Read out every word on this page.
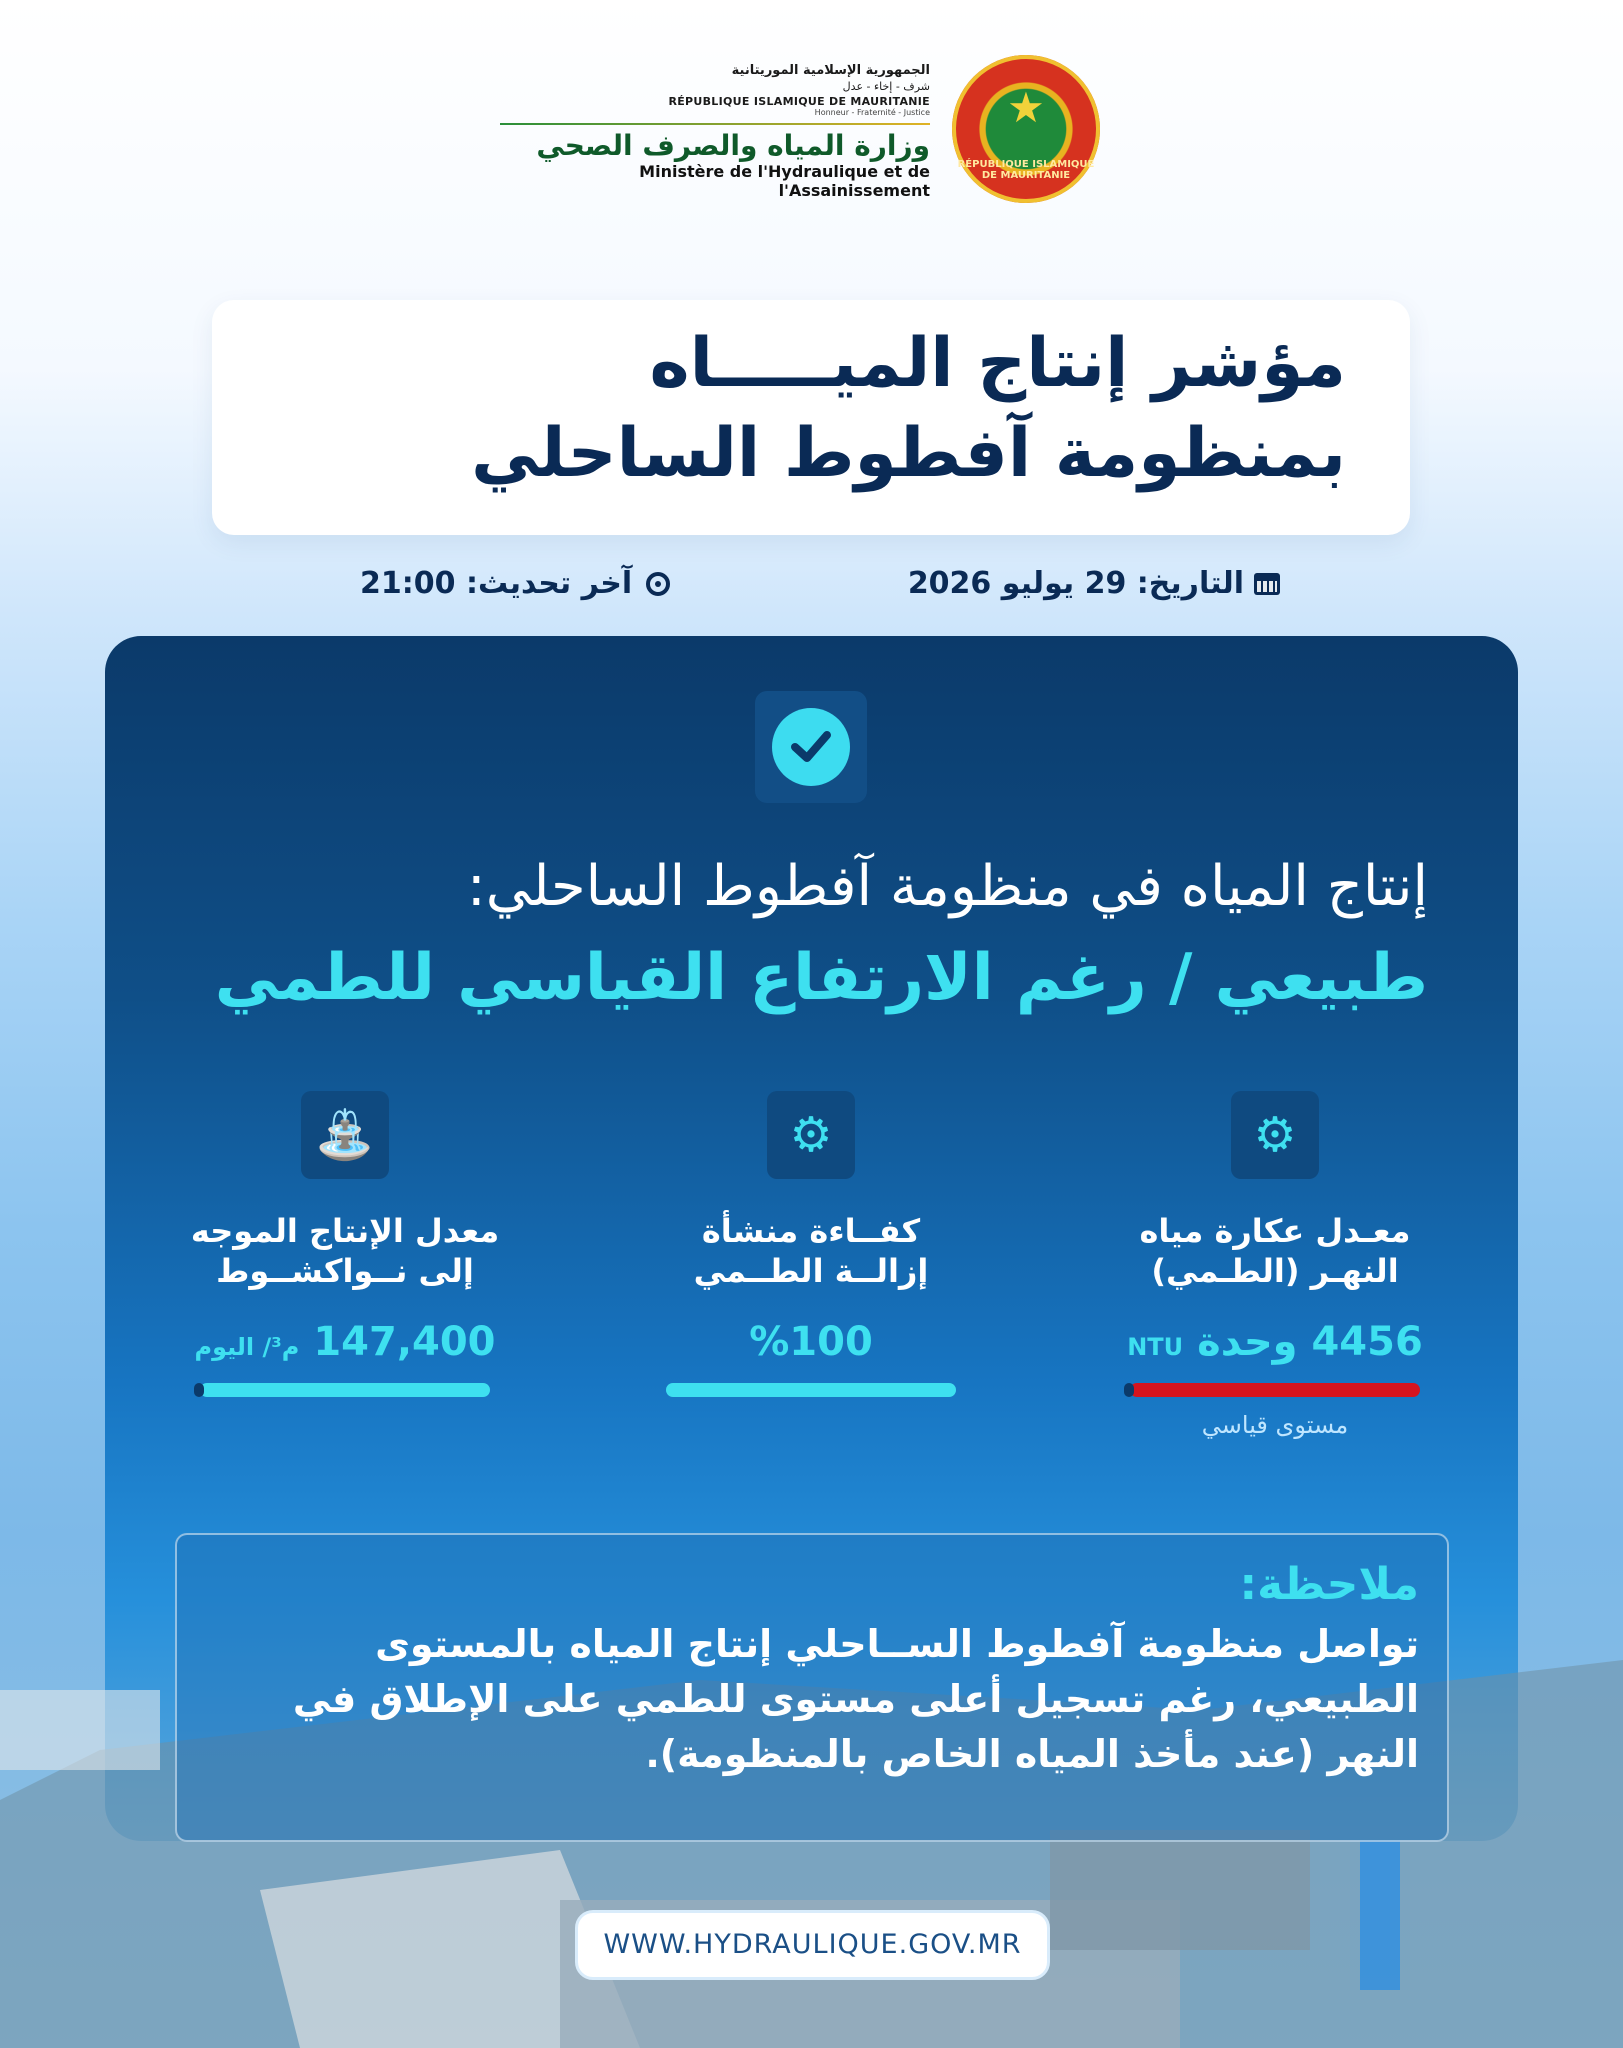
★
RÉPUBLIQUE ISLAMIQUE DE MAURITANIE
الجمهورية الإسلامية الموريتانية
شرف - إخاء - عدل
RÉPUBLIQUE ISLAMIQUE DE MAURITANIE
Honneur - Fraternité - Justice
وزارة المياه والصرف الصحي
Ministère de l'Hydraulique et de l'Assainissement
مؤشر إنتاج الميـــــاه
بمنظومة آفطوط الساحلي
التاريخ: 29 يوليو 2026
آخر تحديث: 21:00
إنتاج المياه في منظومة آفطوط الساحلي:
طبيعي / رغم الارتفاع القياسي للطمي
⚙
معـدل عكارة مياه
النهـر (الطـمي)
4456 وحدة NTU
مستوى قياسي
⚙
كفــاءة منشأة
إزالــة الطــمي
%100
⛲
معدل الإنتاج الموجه
إلى نــواكشــوط
147,400 م³/ اليوم
ملاحظة:
تواصل منظومة آفطوط الســاحلي إنتاج المياه بالمستوى الطبيعي، رغم تسجيل أعلى مستوى للطمي على الإطلاق في النهر (عند مأخذ المياه الخاص بالمنظومة).
WWW.HYDRAULIQUE.GOV.MR
